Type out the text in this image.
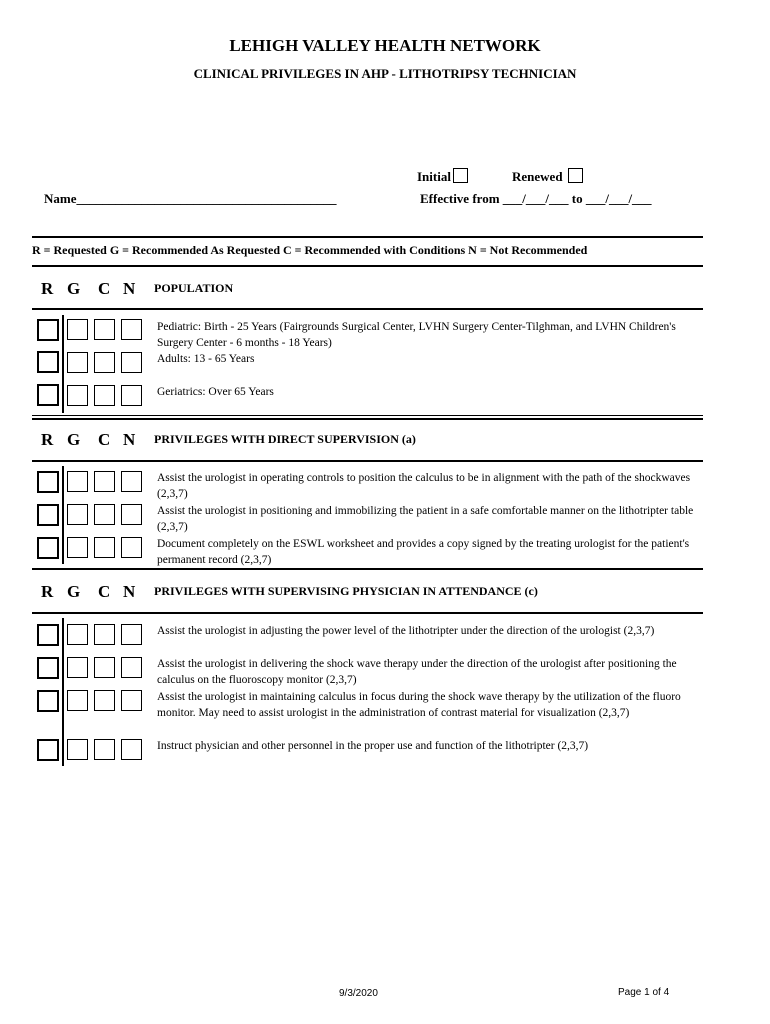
LEHIGH VALLEY HEALTH NETWORK
CLINICAL PRIVILEGES IN AHP - LITHOTRIPSY TECHNICIAN
Initial	Renewed
Name________________________________________	Effective from ___/___/___ to ___/___/___
R = Requested G = Recommended As Requested C = Recommended with Conditions N = Not Recommended
R G C N POPULATION
Pediatric: Birth - 25 Years (Fairgrounds Surgical Center, LVHN Surgery Center-Tilghman, and LVHN Children's Surgery Center - 6 months - 18 Years)
Adults: 13 - 65 Years
Geriatrics: Over 65 Years
R G C N PRIVILEGES WITH DIRECT SUPERVISION (a)
Assist the urologist in operating controls to position the calculus to be in alignment with the path of the shockwaves (2,3,7)
Assist the urologist in positioning and immobilizing the patient in a safe comfortable manner on the lithotripter table (2,3,7)
Document completely on the ESWL worksheet and provides a copy signed by the treating urologist for the patient's permanent record (2,3,7)
R G C N PRIVILEGES WITH SUPERVISING PHYSICIAN IN ATTENDANCE (c)
Assist the urologist in adjusting the power level of the lithotripter under the direction of the urologist (2,3,7)
Assist the urologist in delivering the shock wave therapy under the direction of the urologist after positioning the calculus on the fluoroscopy monitor (2,3,7)
Assist the urologist in maintaining calculus in focus during the shock wave therapy by the utilization of the fluoro monitor. May need to assist urologist in the administration of contrast material for visualization (2,3,7)
Instruct physician and other personnel in the proper use and function of the lithotripter (2,3,7)
9/3/2020	Page 1 of 4
